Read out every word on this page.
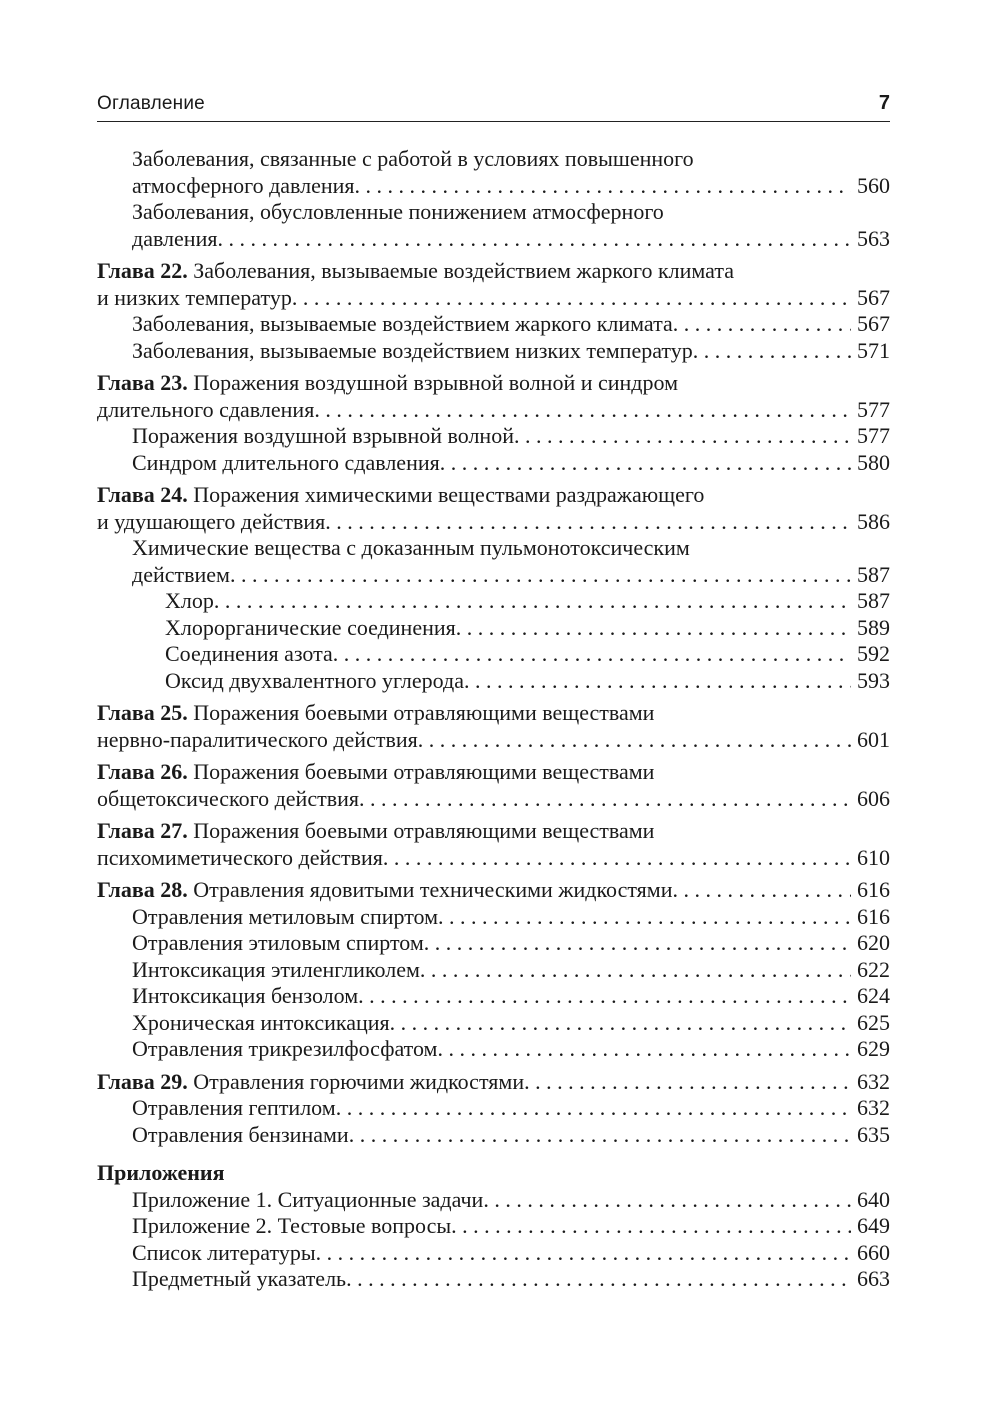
Оглавление	7
Заболевания, связанные с работой в условиях повышенного
атмосферного давления	560
. . .
Заболевания, обусловленные понижением атмосферного
давления	563
. . .
Глава 22. Заболевания, вызываемые воздействием жаркого климата
и низких температур	567
. . .
Заболевания, вызываемые воздействием жаркого климата	567
. . .
Заболевания, вызываемые воздействием низких температур	571
. . .
Глава 23. Поражения воздушной взрывной волной и синдром
длительного сдавления	577
. . .
Поражения воздушной взрывной волной	577
. . .
Синдром длительного сдавления	580
. . .
Глава 24. Поражения химическими веществами раздражающего
и удушающего действия	586
. . .
Химические вещества с доказанным пульмонотоксическим
действием	587
. . .
Хлор	587
. . .
Хлорорганические соединения	589
. . .
Соединения азота	592
. . .
Оксид двухвалентного углерода	593
. . .
Глава 25. Поражения боевыми отравляющими веществами
нервно-паралитического действия	601
. . .
Глава 26. Поражения боевыми отравляющими веществами
общетоксического действия	606
. . .
Глава 27. Поражения боевыми отравляющими веществами
психомиметического действия	610
. . .
Глава 28. Отравления ядовитыми техническими жидкостями	616
. . .
Отравления метиловым спиртом	616
. . .
Отравления этиловым спиртом	620
. . .
Интоксикация этиленгликолем	622
. . .
Интоксикация бензолом	624
. . .
Хроническая интоксикация	625
. . .
Отравления трикрезилфосфатом	629
. . .
Глава 29. Отравления горючими жидкостями	632
. . .
Отравления гептилом	632
. . .
Отравления бензинами	635
. . .
Приложения
Приложение 1. Ситуационные задачи	640
. . .
Приложение 2. Тестовые вопросы	649
. . .
Список литературы	660
. . .
Предметный указатель	663
. . .
